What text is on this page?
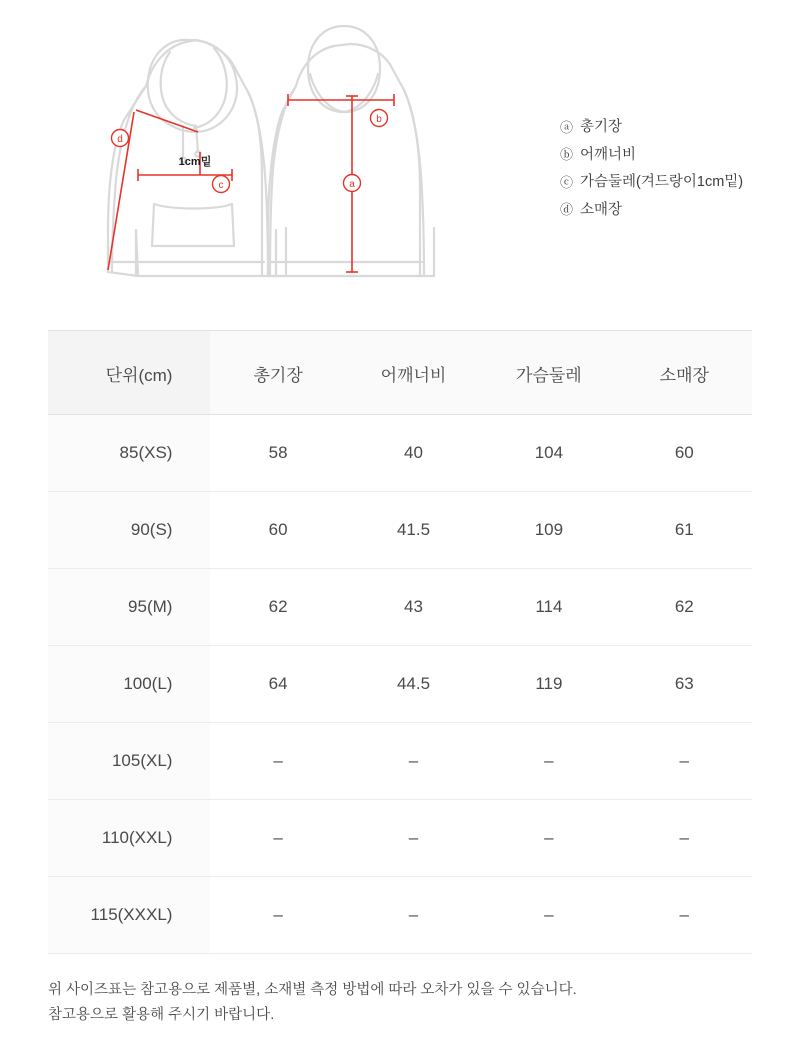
d
c
b
a
1cm밑
ⓐ 총기장
ⓑ 어깨너비
ⓒ 가슴둘레 (겨드랑이1cm밑)
ⓓ 소매장
단위(cm)	총기장	어깨너비	가슴둘레	소매장
85(XS)	58	40	104	60
90(S)	60	41.5	109	61
95(M)	62	43	114	62
100(L)	64	44.5	119	63
105(XL)	–	–	–	–
110(XXL)	–	–	–	–
115(XXXL)	–	–	–	–
위 사이즈표는 참고용으로 제품별, 소재별 측정 방법에 따라 오차가 있을 수 있습니다.
참고용으로 활용해 주시기 바랍니다.
